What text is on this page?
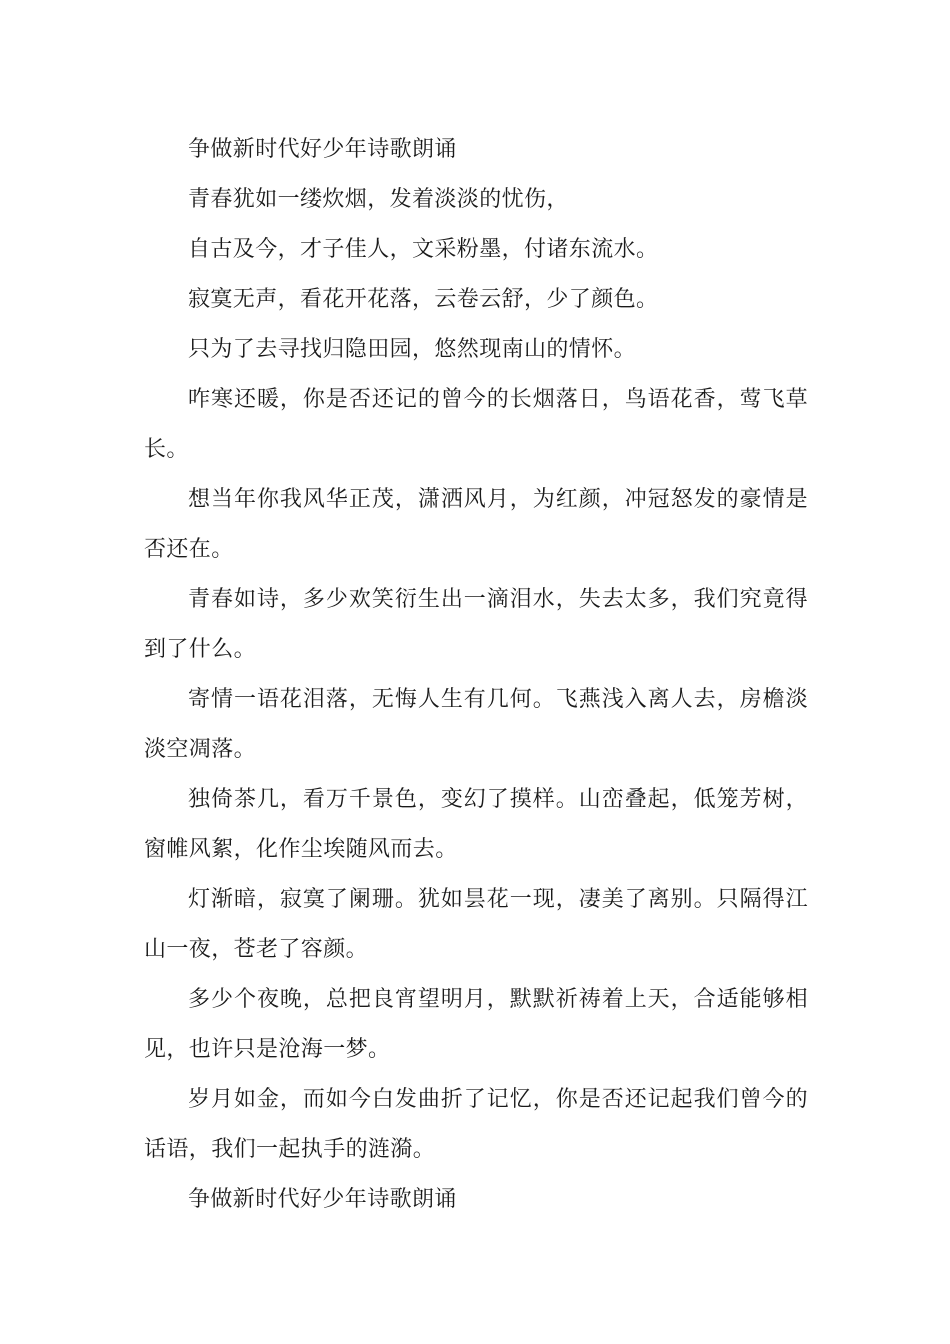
争做新时代好少年诗歌朗诵

青春犹如一缕炊烟，发着淡淡的忧伤，

自古及今，才子佳人，文采粉墨，付诸东流水。

寂寞无声，看花开花落，云卷云舒，少了颜色。

只为了去寻找归隐田园，悠然现南山的情怀。

咋寒还暖，你是否还记的曾今的长烟落日，鸟语花香，莺飞草长。

想当年你我风华正茂，潇洒风月，为红颜，冲冠怒发的豪情是否还在。

青春如诗，多少欢笑衍生出一滴泪水，失去太多，我们究竟得到了什么。

寄情一语花泪落，无悔人生有几何。飞燕浅入离人去，房檐淡淡空凋落。

独倚茶几，看万千景色，变幻了摸样。山峦叠起，低笼芳树，窗帷风絮，化作尘埃随风而去。

灯渐暗，寂寞了阑珊。犹如昙花一现，凄美了离别。只隔得江山一夜，苍老了容颜。

多少个夜晚，总把良宵望明月，默默祈祷着上天，合适能够相见，也许只是沧海一梦。

岁月如金，而如今白发曲折了记忆，你是否还记起我们曾今的话语，我们一起执手的涟漪。

争做新时代好少年诗歌朗诵
